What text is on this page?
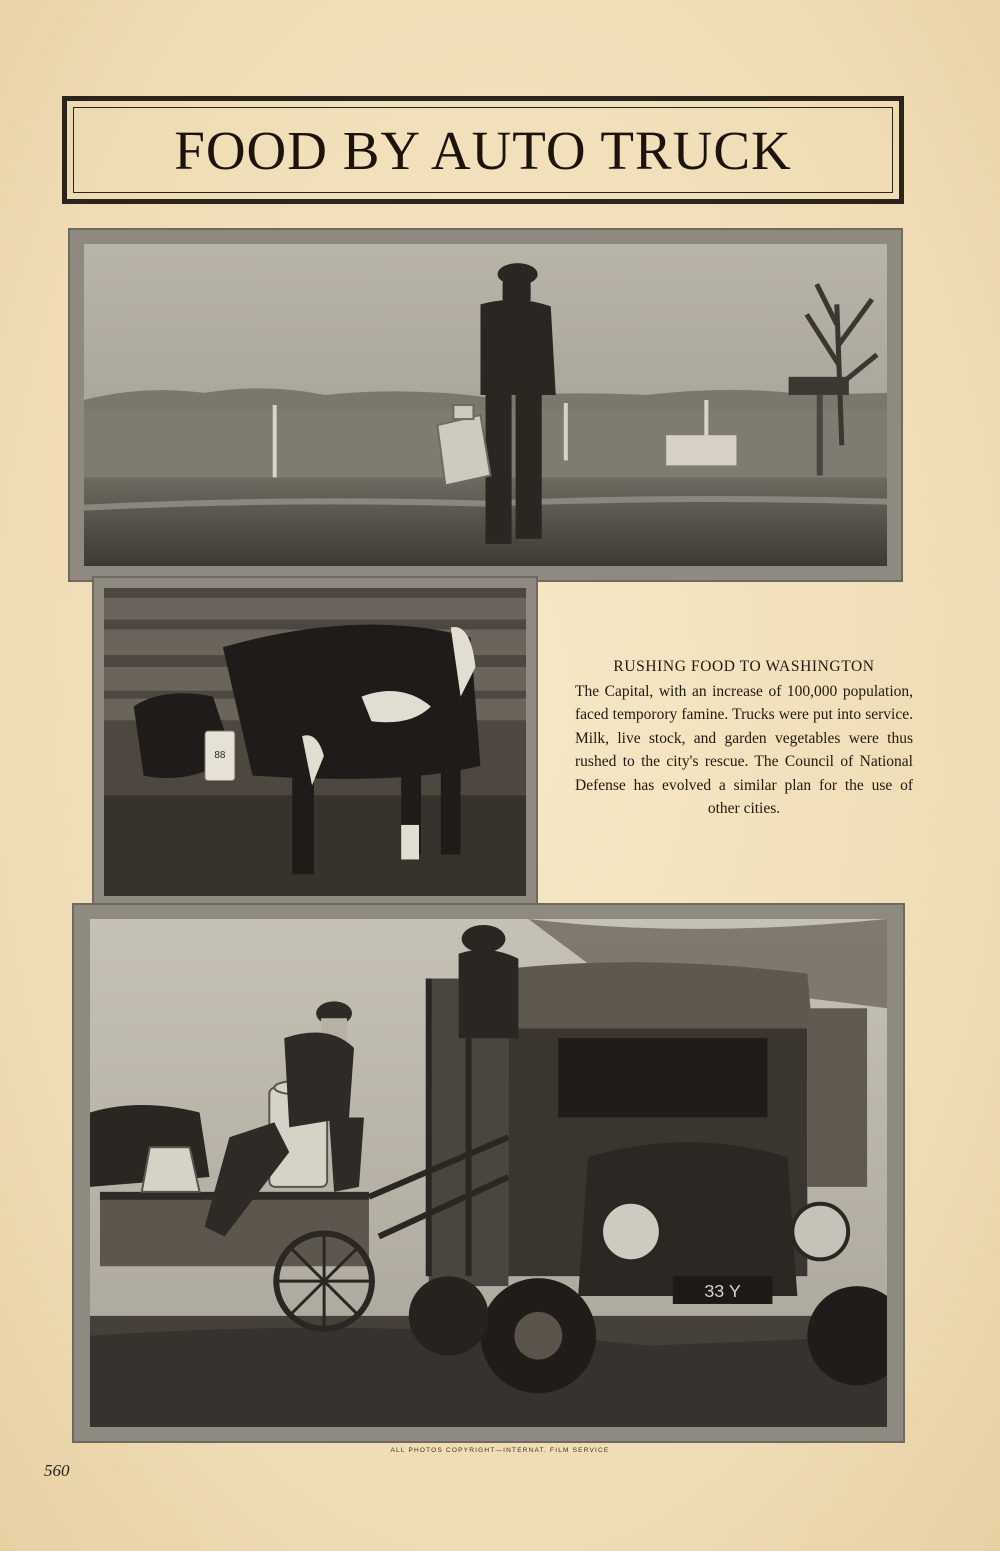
FOOD BY AUTO TRUCK
88
RUSHING FOOD TO WASHINGTON
The Capital, with an increase of 100,000 population, faced temporory famine. Trucks were put into service. Milk, live stock, and garden vegetables were thus rushed to the city's rescue. The Council of National Defense has evolved a similar plan for the use of other cities.
33 Y
ALL PHOTOS COPYRIGHT—INTERNAT. FILM SERVICE
560
